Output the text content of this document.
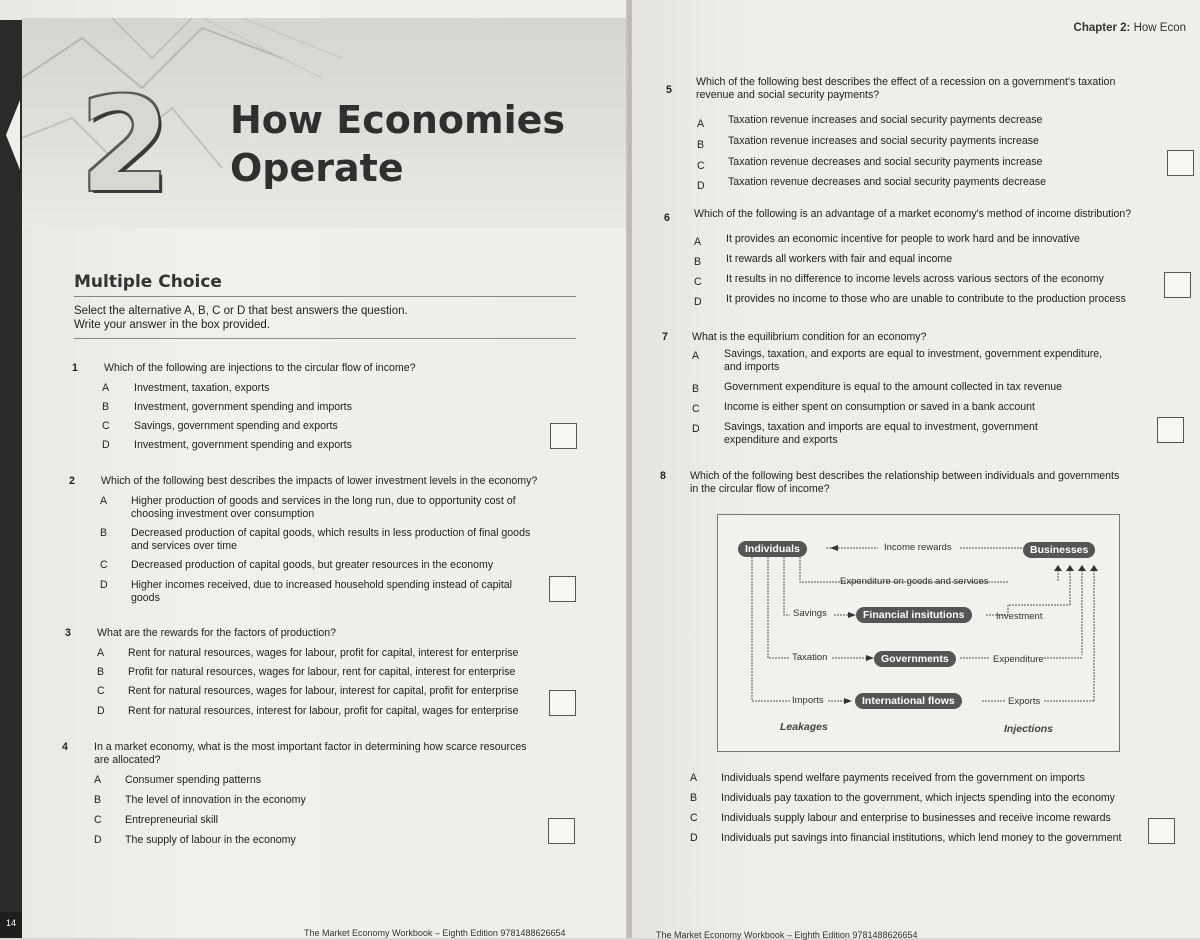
2 How Economies
Operate
Multiple Choice
Select the alternative A, B, C or D that best answers the question.
Write your answer in the box provided.
1 Which of the following are injections to the circular flow of income?
A Investment, taxation, exports
B Investment, government spending and imports
C Savings, government spending and exports
D Investment, government spending and exports
2 Which of the following best describes the impacts of lower investment levels in the economy?
A Higher production of goods and services in the long run, due to opportunity cost of
choosing investment over consumption
B Decreased production of capital goods, which results in less production of final goods
and services over time
C Decreased production of capital goods, but greater resources in the economy
D Higher incomes received, due to increased household spending instead of capital
goods
3 What are the rewards for the factors of production?
A Rent for natural resources, wages for labour, profit for capital, interest for enterprise
B Profit for natural resources, wages for labour, rent for capital, interest for enterprise
C Rent for natural resources, wages for labour, interest for capital, profit for enterprise
D Rent for natural resources, interest for labour, profit for capital, wages for enterprise
4 In a market economy, what is the most important factor in determining how scarce resources
are allocated?
A Consumer spending patterns
B The level of innovation in the economy
C Entrepreneurial skill
D The supply of labour in the economy
The Market Economy Workbook – Eighth Edition 9781488626654
14
Chapter 2: How Econ
5
Which of the following best describes the effect of a recession on a government's taxation
revenue and social security payments?
A Taxation revenue increases and social security payments decrease
B Taxation revenue increases and social security payments increase
C Taxation revenue decreases and social security payments increase
D Taxation revenue decreases and social security payments decrease
6 Which of the following is an advantage of a market economy's method of income distribution?
A It provides an economic incentive for people to work hard and be innovative
B It rewards all workers with fair and equal income
C It results in no difference to income levels across various sectors of the economy
D It provides no income to those who are unable to contribute to the production process
7 What is the equilibrium condition for an economy?
A Savings, taxation, and exports are equal to investment, government expenditure,
and imports
B Government expenditure is equal to the amount collected in tax revenue
C Income is either spent on consumption or saved in a bank account
D Savings, taxation and imports are equal to investment, government
expenditure and exports
8 Which of the following best describes the relationship between individuals and governments
in the circular flow of income?
Individuals	Businesses
Financial insitutions
Governments
International flows
Income rewards
Expenditure on goods and services
Savings	Investment
Taxation	Expenditure
Imports	Exports
Leakages	Injections
A Individuals spend welfare payments received from the government on imports
B Individuals pay taxation to the government, which injects spending into the economy
C Individuals supply labour and enterprise to businesses and receive income rewards
D Individuals put savings into financial institutions, which lend money to the government
The Market Economy Workbook – Eighth Edition 9781488626654
